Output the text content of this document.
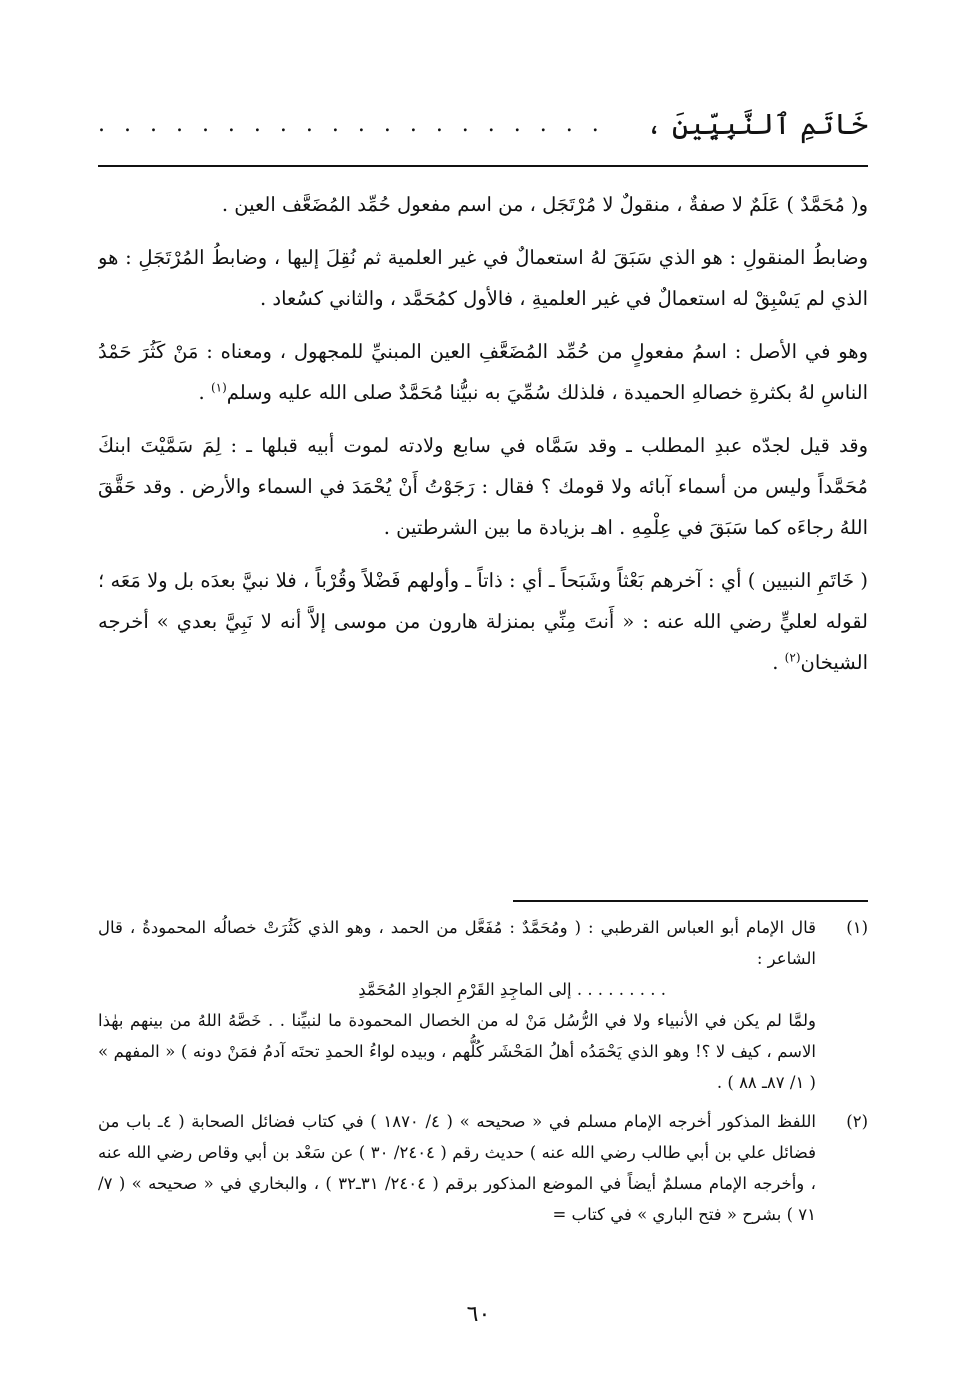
خَاتَمِ ٱلنَّبِيِّينَ ،
. . . . . . . . . . . . . . . . . . . .

و( مُحَمَّدٌ ) عَلَمٌ لا صفةٌ ، منقولٌ لا مُرْتَجَل ، من اسم مفعول حُمِّد المُضَعَّف العين .

وضابطُ المنقولِ : هو الذي سَبَقَ لهُ استعمالٌ في غير العلمية ثم نُقِلَ إليها ، وضابطُ المُرْتَجَلِ : هو الذي لم يَسْبِقْ له استعمالٌ في غير العلميةِ ، فالأول كمُحَمَّد ، والثاني كسُعاد .

وهو في الأصل : اسمُ مفعولٍ من حُمِّد المُضَعَّفِ العين المبنيِّ للمجهول ، ومعناه : مَنْ كَثُرَ حَمْدُ الناسِ لهُ بكثرةِ خصالهِ الحميدة ، فلذلك سُمِّيَ به نبيُّنا مُحَمَّدٌ صلى الله عليه وسلم$^{(١)}$ .

وقد قيل لجدّه عبدِ المطلب ـ وقد سَمَّاه في سابع ولادته لموت أبيه قبلها ـ : لِمَ سَمَّيْتَ ابنكَ مُحَمَّداً وليس من أسماء آبائه ولا قومك ؟ فقال : رَجَوْتُ أَنْ يُحْمَدَ في السماء والأرض . وقد حَقَّقَ اللهُ رجاءَه كما سَبَقَ في عِلْمِهِ . اهـ بزيادة ما بين الشرطتين .

( خَاتَمِ النبيين ) أي : آخرهم بَعْثاً وشَبَحاً ـ أي : ذاتاً ـ وأولهم فَضْلاً وقُرْباً ، فلا نبيَّ بعدَه بل ولا مَعَه ؛ لقوله لعليٍّ رضي الله عنه : « أَنتَ مِنِّي بمنزلة هارون من موسى إلاَّ أنه لا نَبِيَّ بعدي » أخرجه الشيخان$^{(٢)}$ .

(١)
قال الإمام أبو العباس القرطبي : ( ومُحَمَّدٌ : مُفَعَّل من الحمد ، وهو الذي كَثُرَتْ خصالُه المحمودةُ ، قال الشاعر :
. . . . . . . . . إلى الماجِدِ القَرْمِ الجوادِ المُحَمَّدِ
ولمَّا لم يكن في الأنبياء ولا في الرُّسُل مَنْ له من الخصال المحمودة ما لنبيِّنا . . خَصَّهُ اللهُ من بينهم بهٰذا الاسم ، كيف لا ؟! وهو الذي يَحْمَدُه أهلُ المَحْشَر كُلُّهم ، وبيده لواءُ الحمدِ تحتَه آدمُ فمَنْ دونه ) « المفهم » ( ١/ ٨٧ـ ٨٨ ) .
(٢)
اللفظ المذكور أخرجه الإمام مسلم في « صحيحه » ( ٤/ ١٨٧٠ ) في كتاب فضائل الصحابة ( ٤ـ باب من فضائل علي بن أبي طالب رضي الله عنه ) حديث رقم ( ٢٤٠٤/ ٣٠ ) عن سَعْد بن أبي وقاص رضي الله عنه ، وأخرجه الإمام مسلمٌ أيضاً في الموضع المذكور برقم ( ٢٤٠٤/ ٣١ـ٣٢ ) ، والبخاري في « صحيحه » ( ٧/ ٧١ ) بشرح « فتح الباري » في كتاب =
٦٠
